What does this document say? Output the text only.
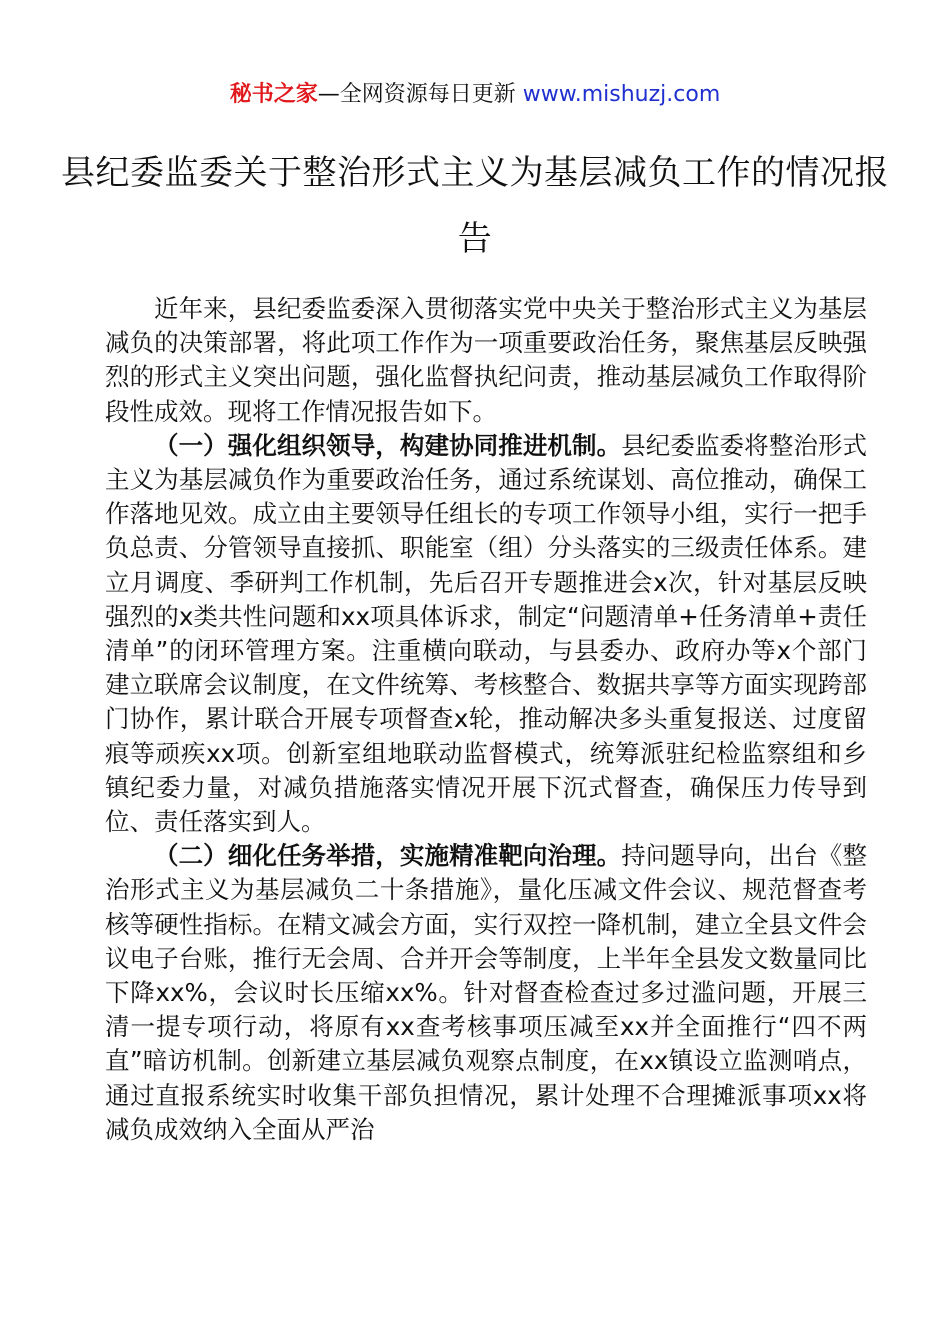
秘书之家—全网资源每日更新 www.mishuzj.com
县纪委监委关于整治形式主义为基层减负工作的情况报告

近年来，县纪委监委深入贯彻落实党中央关于整治形式主义为基层减负的决策部署，将此项工作作为一项重要政治任务，聚焦基层反映强烈的形式主义突出问题，强化监督执纪问责，推动基层减负工作取得阶段性成效。现将工作情况报告如下。

（一）强化组织领导，构建协同推进机制。县纪委监委将整治形式主义为基层减负作为重要政治任务，通过系统谋划、高位推动，确保工作落地见效。成立由主要领导任组长的专项工作领导小组，实行一把手负总责、分管领导直接抓、职能室（组）分头落实的三级责任体系。建立月调度、季研判工作机制，先后召开专题推进会x次，针对基层反映强烈的x类共性问题和xx项具体诉求，制定“问题清单+任务清单+责任清单”的闭环管理方案。注重横向联动，与县委办、政府办等x个部门建立联席会议制度，在文件统筹、考核整合、数据共享等方面实现跨部门协作，累计联合开展专项督查x轮，推动解决多头重复报送、过度留痕等顽疾xx项。创新室组地联动监督模式，统筹派驻纪检监察组和乡镇纪委力量，对减负措施落实情况开展下沉式督查，确保压力传导到位、责任落实到人。

（二）细化任务举措，实施精准靶向治理。持问题导向，出台《整治形式主义为基层减负二十条措施》，量化压减文件会议、规范督查考核等硬性指标。在精文减会方面，实行双控一降机制，建立全县文件会议电子台账，推行无会周、合并开会等制度，上半年全县发文数量同比下降xx%，会议时长压缩xx%。针对督查检查过多过滥问题，开展三清一提专项行动，将原有xx查考核事项压减至xx并全面推行“四不两直”暗访机制。创新建立基层减负观察点制度，在xx镇设立监测哨点，通过直报系统实时收集干部负担情况，累计处理不合理摊派事项xx将减负成效纳入全面从严治
